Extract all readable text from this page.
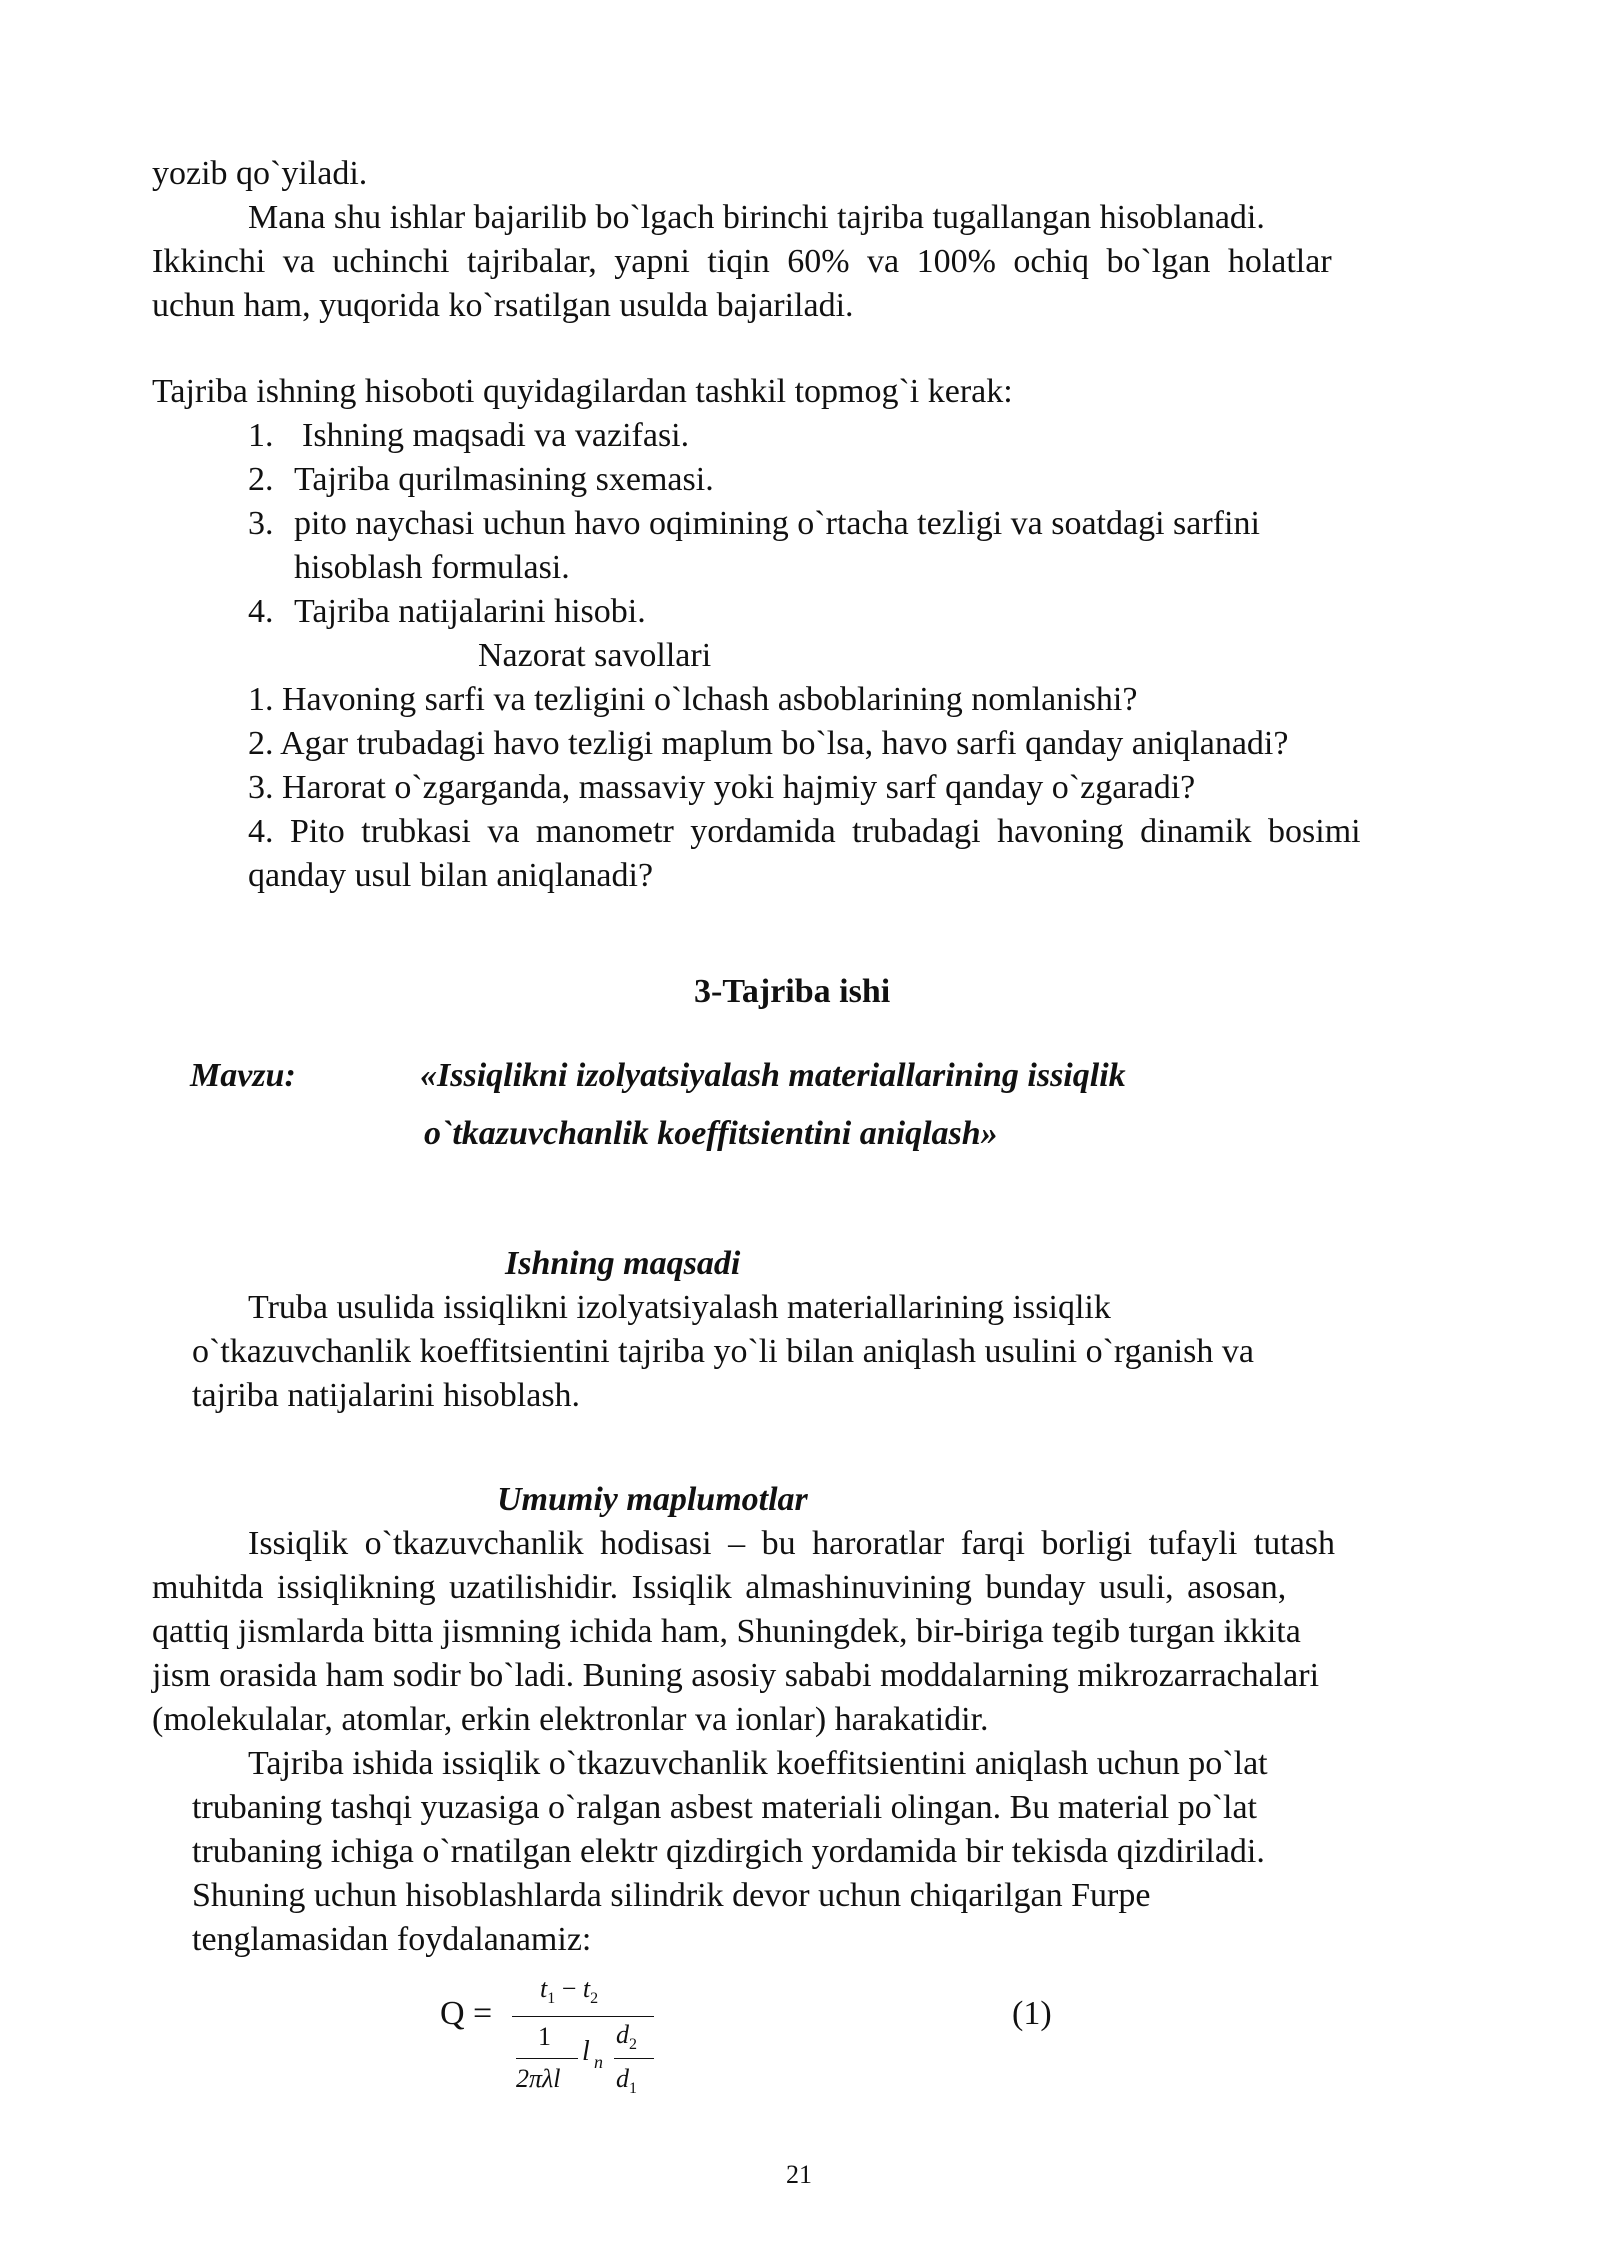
yozib qo`yiladi.
Mana shu ishlar bajarilib bo`lgach birinchi tajriba tugallangan hisoblanadi.
Ikkinchi va uchinchi tajribalar, yapni tiqin 60% va 100% ochiq bo`lgan holatlar
uchun ham, yuqorida ko`rsatilgan usulda bajariladi.
Tajriba ishning hisoboti quyidagilardan tashkil topmog`i kerak:
1. Ishning maqsadi va vazifasi.
2. Tajriba qurilmasining sxemasi.
3. pito naychasi uchun havo oqimining o`rtacha tezligi va soatdagi sarfini
hisoblash formulasi.
4. Tajriba natijalarini hisobi.
Nazorat savollari
1. Havoning sarfi va tezligini o`lchash asboblarining nomlanishi?
2. Agar trubadagi havo tezligi maplum bo`lsa, havo sarfi qanday aniqlanadi?
3. Harorat o`zgarganda, massaviy yoki hajmiy sarf qanday o`zgaradi?
4. Pito trubkasi va manometr yordamida trubadagi havoning dinamik bosimi
qanday usul bilan aniqlanadi?
3-Tajriba ishi
Mavzu:	«Issiqlikni izolyatsiyalash materiallarining issiqlik
o`tkazuvchanlik koeffitsientini aniqlash»
Ishning maqsadi
Truba usulida issiqlikni izolyatsiyalash materiallarining issiqlik
o`tkazuvchanlik koeffitsientini tajriba yo`li bilan aniqlash usulini o`rganish va
tajriba natijalarini hisoblash.
Umumiy maplumotlar
Issiqlik o`tkazuvchanlik hodisasi – bu haroratlar farqi borligi tufayli tutash
muhitda issiqlikning uzatilishidir. Issiqlik almashinuvining bunday usuli, asosan,
qattiq jismlarda bitta jismning ichida ham, Shuningdek, bir-biriga tegib turgan ikkita
jism orasida ham sodir bo`ladi. Buning asosiy sababi moddalarning mikrozarrachalari
(molekulalar, atomlar, erkin elektronlar va ionlar) harakatidir.
Tajriba ishida issiqlik o`tkazuvchanlik koeffitsientini aniqlash uchun po`lat
trubaning tashqi yuzasiga o`ralgan asbest materiali olingan. Bu material po`lat
trubaning ichiga o`rnatilgan elektr qizdirgich yordamida bir tekisda qizdiriladi.
Shuning uchun hisoblashlarda silindrik devor uchun chiqarilgan Furpe
tenglamasidan foydalanamiz:
Q =
$t_1 - t_2$
1
2πλl
l n
$d_2$
$d_1$
(1)
21
